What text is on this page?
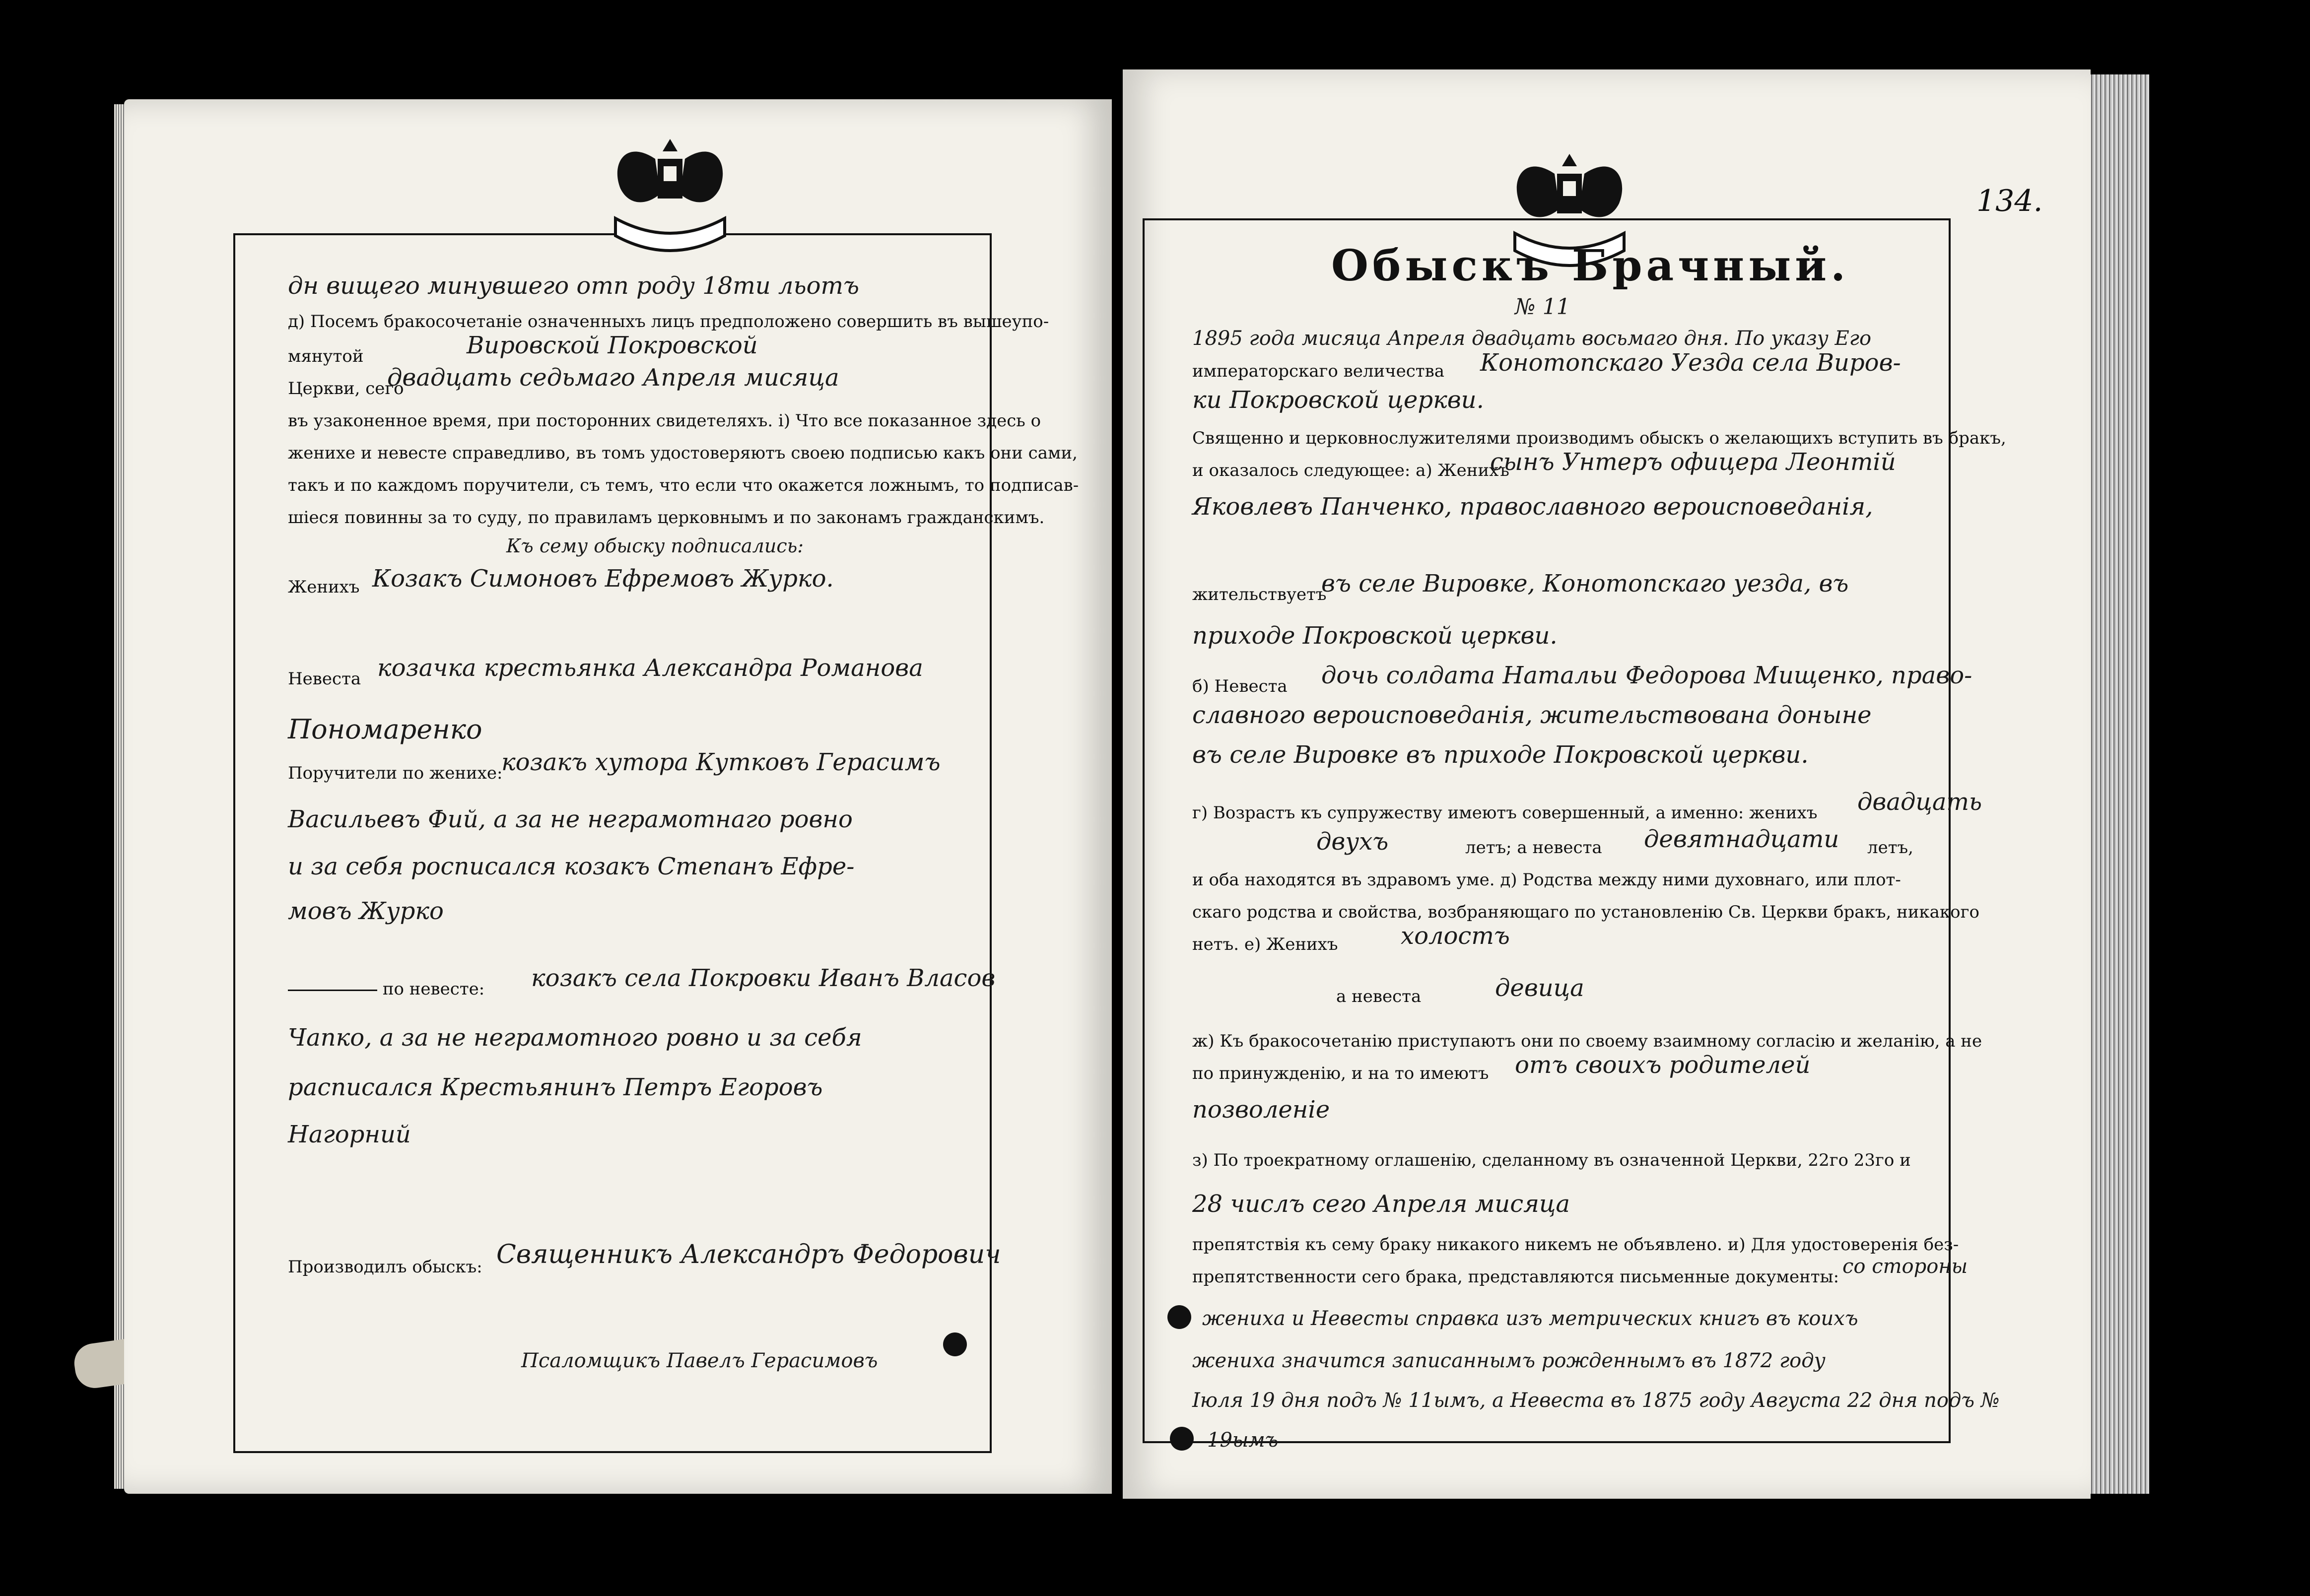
дн вищего минувшего отп роду 18ти льотъ
д) Посемъ бракосочетанiе означенныхъ лицъ предположено совершить въ вышеупо-
мянутой	Вировской Покровской
Церкви, сего
двадцать седьмаго Апреля мисяца
въ узаконенное время, при посторонних свидетеляхъ. i) Что все показанное здесь о
женихе и невесте справедливо, въ томъ удостоверяютъ своею подписью какъ они сами,
такъ и по каждомъ поручители, съ темъ, что если что окажется ложнымъ, то подписав-
шiеся повинны за то суду, по правиламъ церковнымъ и по законамъ гражданскимъ.
Къ сему обыску подписались:
Женихъ Козакъ Симоновъ Ефремовъ Журко.
Невеста козачка крестьянка Александра Романова
Пономаренко
Поручители по женихе:
козакъ хутора Кутковъ Герасимъ
Васильевъ Фий, а за не неграмотнаго ровно
и за себя росписался козакъ Степанъ Ефре-
мовъ Журко
по невесте: козакъ села Покровки Иванъ Власов
Чапко, а за не неграмотного ровно и за себя
расписался Крестьянинъ Петръ Егоровъ
Нагорний
Производилъ обыскъ: Священникъ Александръ Федорович
Псаломщикъ Павелъ Герасимовъ
134.
Обыскъ Брачный.
№ 11
1895 года мисяца Апреля двадцать восьмаго дня. По указу Его
императорскаго величества Конотопскаго Уезда села Виров-
ки Покровской церкви.
Священно и церковнослужителями производимъ обыскъ о желающихъ вступить въ бракъ,
и оказалось следующее: а) Женихъ
сынъ Унтеръ офицера Леонтiй
Яковлевъ Панченко, православного вероисповеданiя,
жительствуетъ
въ селе Вировке, Конотопскаго уезда, въ
приходе Покровской церкви.
б) Невеста дочь солдата Натальи Федорова Мищенко, право-
славного вероисповеданiя, жительствована доныне
въ селе Вировке въ приходе Покровской церкви.
г) Возрастъ къ супружеству имеютъ совершенный, а именно: женихъ двадцать
двухъ	летъ; а невеста девятнадцати летъ,
и оба находятся въ здравомъ уме. д) Родства между ними духовнаго, или плот-
скаго родства и свойства, возбраняющаго по установленiю Св. Церкви бракъ, никакого
нетъ. е) Женихъ	холостъ
а невеста	девица
ж) Къ бракосочетанiю приступаютъ они по своему взаимному согласiю и желанiю, а не
по принужденiю, и на то имеютъ отъ своихъ родителей
позволенiе
з) По троекратному оглашенiю, сделанному въ означенной Церкви, 22го 23го и
28 числъ сего Апреля мисяца
препятствiя къ сему браку никакого никемъ не объявлено. и) Для удостоверенiя без-
препятственности сего брака, представляются письменные документы: со стороны
жениха и Невесты справка изъ метрических книгъ въ коихъ
жениха значится записаннымъ рожденнымъ въ 1872 году
Iюля 19 дня подъ № 11ымъ, а Невеста въ 1875 году Августа 22 дня подъ №
19ымъ
